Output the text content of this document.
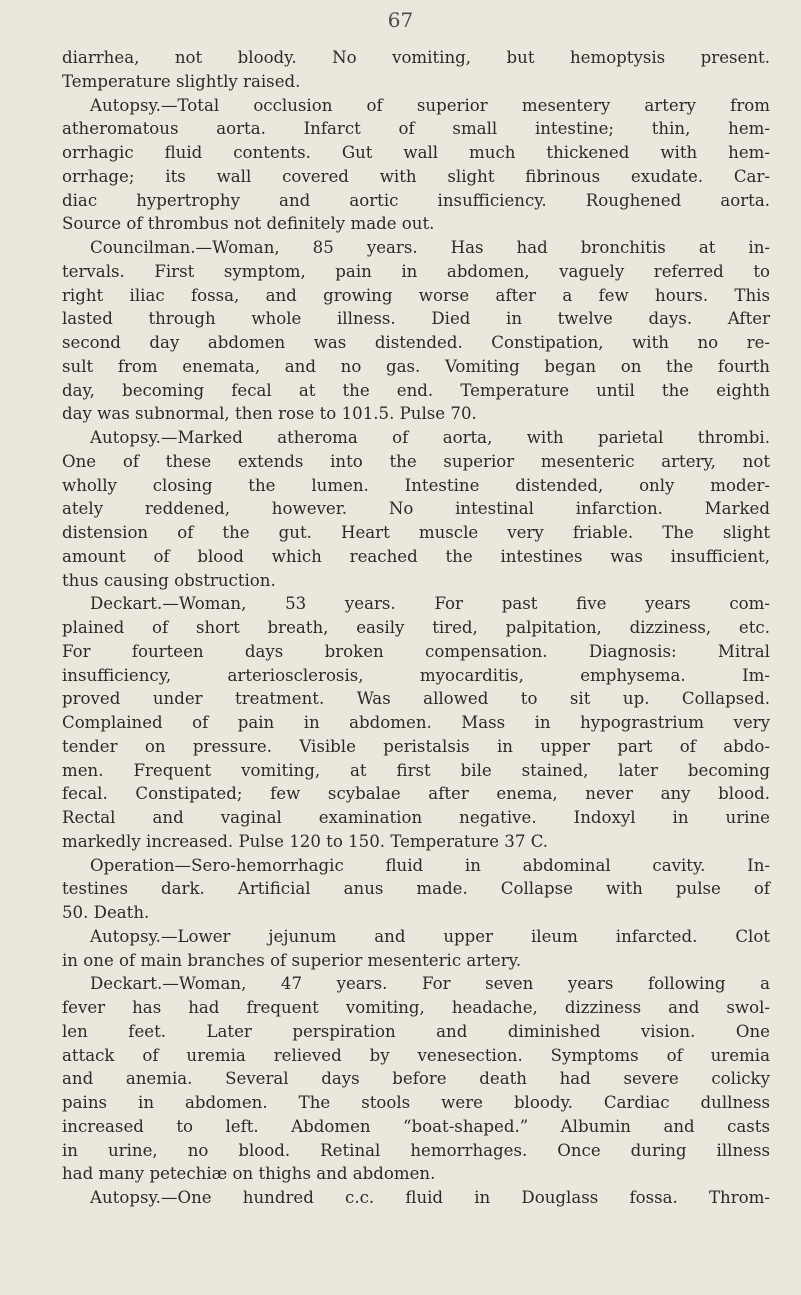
67
diarrhea, not bloody. No vomiting, but hemoptysis present.
Temperature slightly raised.
Autopsy.—Total occlusion of superior mesentery artery from
atheromatous aorta. Infarct of small intestine; thin, hem-
orrhagic fluid contents. Gut wall much thickened with hem-
orrhage; its wall covered with slight fibrinous exudate. Car-
diac hypertrophy and aortic insufficiency. Roughened aorta.
Source of thrombus not definitely made out.
Councilman.—Woman, 85 years. Has had bronchitis at in-
tervals. First symptom, pain in abdomen, vaguely referred to
right iliac fossa, and growing worse after a few hours. This
lasted through whole illness. Died in twelve days. After
second day abdomen was distended. Constipation, with no re-
sult from enemata, and no gas. Vomiting began on the fourth
day, becoming fecal at the end. Temperature until the eighth
day was subnormal, then rose to 101.5. Pulse 70.
Autopsy.—Marked atheroma of aorta, with parietal thrombi.
One of these extends into the superior mesenteric artery, not
wholly closing the lumen. Intestine distended, only moder-
ately reddened, however. No intestinal infarction. Marked
distension of the gut. Heart muscle very friable. The slight
amount of blood which reached the intestines was insufficient,
thus causing obstruction.
Deckart.—Woman, 53 years. For past five years com-
plained of short breath, easily tired, palpitation, dizziness, etc.
For fourteen days broken compensation. Diagnosis: Mitral
insufficiency, arteriosclerosis, myocarditis, emphysema. Im-
proved under treatment. Was allowed to sit up. Collapsed.
Complained of pain in abdomen. Mass in hypograstrium very
tender on pressure. Visible peristalsis in upper part of abdo-
men. Frequent vomiting, at first bile stained, later becoming
fecal. Constipated; few scybalae after enema, never any blood.
Rectal and vaginal examination negative. Indoxyl in urine
markedly increased. Pulse 120 to 150. Temperature 37 C.
Operation—Sero-hemorrhagic fluid in abdominal cavity. In-
testines dark. Artificial anus made. Collapse with pulse of
50. Death.
Autopsy.—Lower jejunum and upper ileum infarcted. Clot
in one of main branches of superior mesenteric artery.
Deckart.—Woman, 47 years. For seven years following a
fever has had frequent vomiting, headache, dizziness and swol-
len feet. Later perspiration and diminished vision. One
attack of uremia relieved by venesection. Symptoms of uremia
and anemia. Several days before death had severe colicky
pains in abdomen. The stools were bloody. Cardiac dullness
increased to left. Abdomen “boat-shaped.” Albumin and casts
in urine, no blood. Retinal hemorrhages. Once during illness
had many petechiæ on thighs and abdomen.
Autopsy.—One hundred c.c. fluid in Douglass fossa. Throm-
